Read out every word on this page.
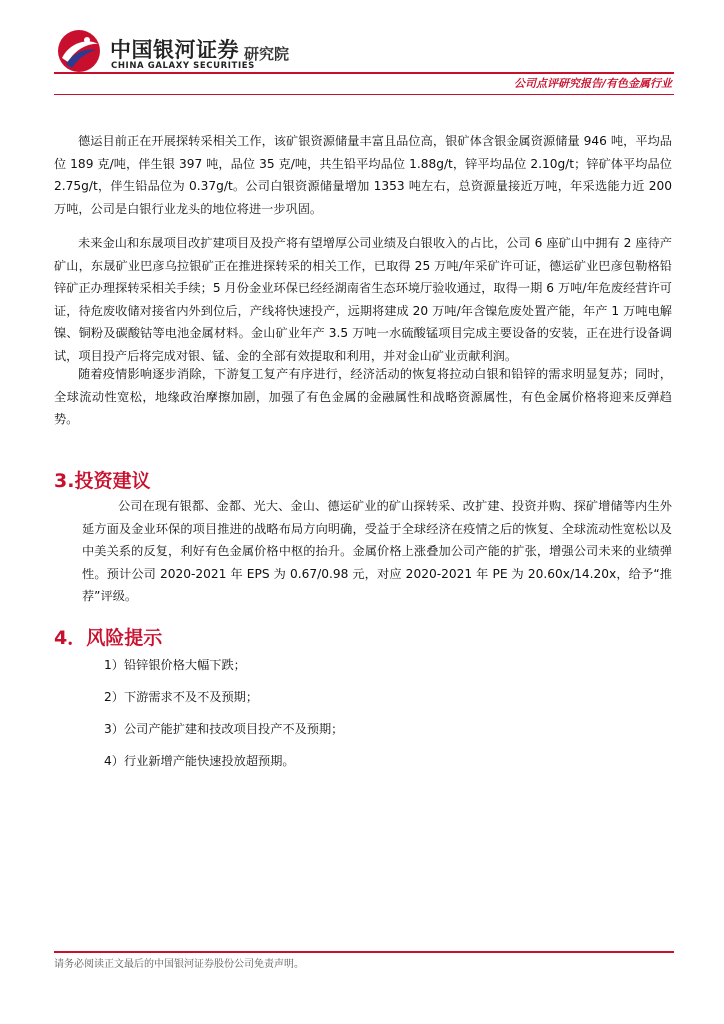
中国银河证券
CHINA GALAXY SECURITIES
研究院
公司点评研究报告/有色金属行业

德运目前正在开展探转采相关工作，该矿银资源储量丰富且品位高，银矿体含银金属资源储量 946 吨，平均品位 189 克/吨，伴生银 397 吨，品位 35 克/吨，共生铅平均品位 1.88g/t，锌平均品位 2.10g/t；锌矿体平均品位 2.75g/t，伴生铅品位为 0.37g/t。公司白银资源储量增加 1353 吨左右，总资源量接近万吨，年采选能力近 200 万吨，公司是白银行业龙头的地位将进一步巩固。

未来金山和东晟项目改扩建项目及投产将有望增厚公司业绩及白银收入的占比，公司 6 座矿山中拥有 2 座待产矿山，东晟矿业巴彦乌拉银矿正在推进探转采的相关工作，已取得 25 万吨/年采矿许可证，德运矿业巴彦包勒格铅锌矿正办理探转采相关手续；5 月份金业环保已经经湖南省生态环境厅验收通过，取得一期 6 万吨/年危废经营许可证，待危废收储对接省内外到位后，产线将快速投产，远期将建成 20 万吨/年含镍危废处置产能，年产 1 万吨电解镍、铜粉及碳酸钴等电池金属材料。金山矿业年产 3.5 万吨一水硫酸锰项目完成主要设备的安装，正在进行设备调试，项目投产后将完成对银、锰、金的全部有效提取和利用，并对金山矿业贡献利润。

随着疫情影响逐步消除，下游复工复产有序进行，经济活动的恢复将拉动白银和铅锌的需求明显复苏；同时，全球流动性宽松，地缘政治摩擦加剧，加强了有色金属的金融属性和战略资源属性，有色金属价格将迎来反弹趋势。

3.投资建议

公司在现有银都、金都、光大、金山、德运矿业的矿山探转采、改扩建、投资并购、探矿增储等内生外延方面及金业环保的项目推进的战略布局方向明确，受益于全球经济在疫情之后的恢复、全球流动性宽松以及中美关系的反复，利好有色金属价格中枢的抬升。金属价格上涨叠加公司产能的扩张，增强公司未来的业绩弹性。预计公司 2020-2021 年 EPS 为 0.67/0.98 元，对应 2020-2021 年 PE 为 20.60x/14.20x，给予“推荐”评级。

4．风险提示
1）铅锌银价格大幅下跌；
2）下游需求不及不及预期；
3）公司产能扩建和技改项目投产不及预期；
4）行业新增产能快速投放超预期。
请务必阅读正文最后的中国银河证券股份公司免责声明。
